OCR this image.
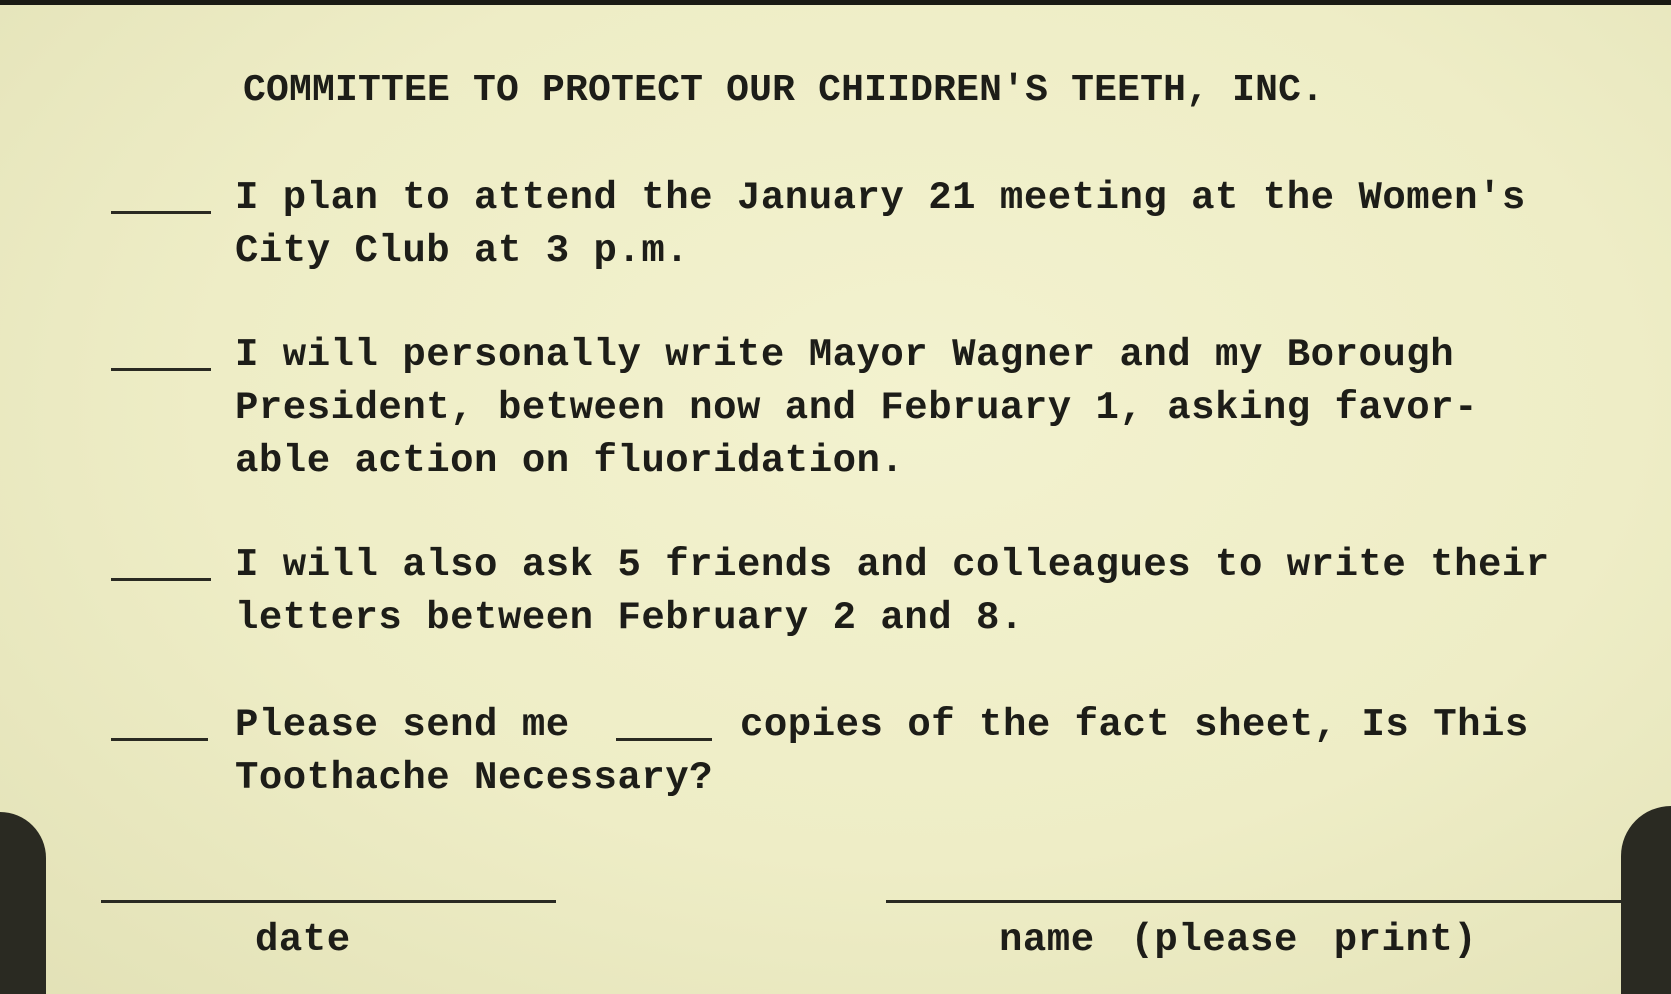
COMMITTEE TO PROTECT OUR CHIIDREN'S TEETH, INC.
I plan to attend the January 21 meeting at the Women's
City Club at 3 p.m.
I will personally write Mayor Wagner and my Borough
President, between now and February 1, asking favor-
able action on fluoridation.
I will also ask 5 friends and colleagues to write their
letters between February 2 and 8.
Please send me	copies of the fact sheet, Is This
Toothache Necessary?
date	name (please print)
